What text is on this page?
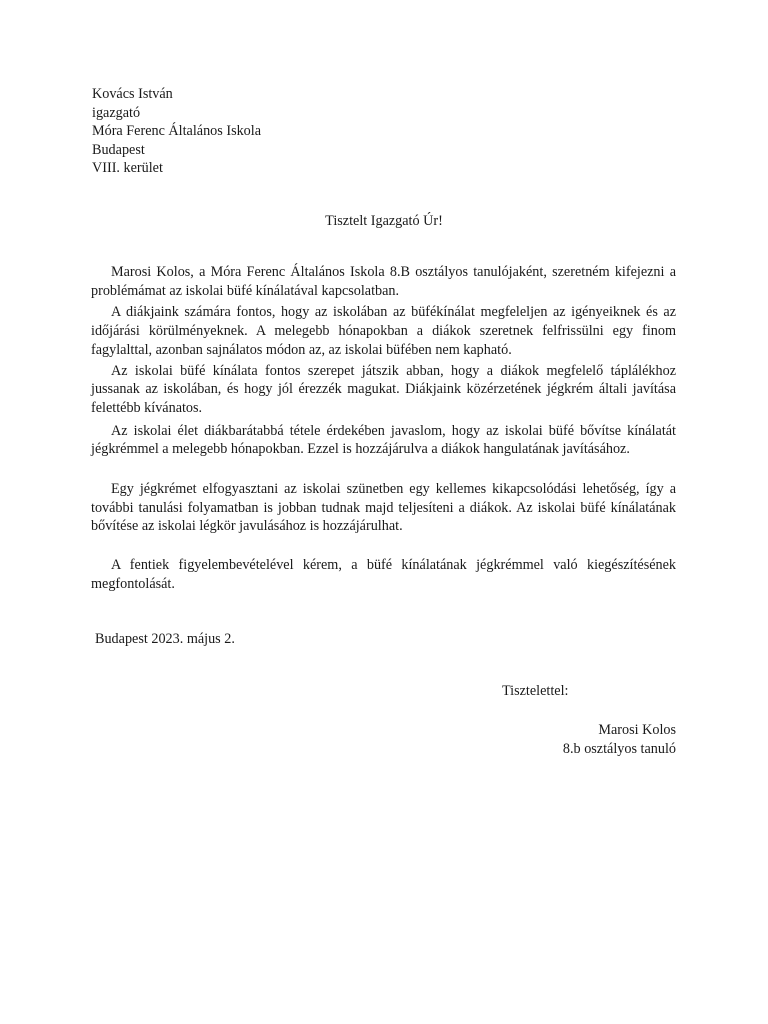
Kovács István
igazgató
Móra Ferenc Általános Iskola
Budapest
VIII. kerület
Tisztelt Igazgató Úr!

Marosi Kolos, a Móra Ferenc Általános Iskola 8.B osztályos tanulójaként, szeretném kifejezni a problémámat az iskolai büfé kínálatával kapcsolatban.

A diákjaink számára fontos, hogy az iskolában az büfékínálat megfeleljen az igényeiknek és az időjárási körülményeknek. A melegebb hónapokban a diákok szeretnek felfrissülni egy finom fagylalttal, azonban sajnálatos módon az, az iskolai büfében nem kapható.

Az iskolai büfé kínálata fontos szerepet játszik abban, hogy a diákok megfelelő táplálékhoz jussanak az iskolában, és hogy jól érezzék magukat. Diákjaink közérzetének jégkrém általi javítása felettébb kívánatos.

Az iskolai élet diákbarátabbá tétele érdekében javaslom, hogy az iskolai büfé bővítse kínálatát jégkrémmel a melegebb hónapokban. Ezzel is hozzájárulva a diákok hangulatának javításához.

Egy jégkrémet elfogyasztani az iskolai szünetben egy kellemes kikapcsolódási lehetőség, így a további tanulási folyamatban is jobban tudnak majd teljesíteni a diákok. Az iskolai büfé kínálatának bővítése az iskolai légkör javulásához is hozzájárulhat.

A fentiek figyelembevételével kérem, a büfé kínálatának jégkrémmel való kiegészítésének megfontolását.

Budapest 2023. május 2.
Tisztelettel:
Marosi Kolos
8.b osztályos tanuló
